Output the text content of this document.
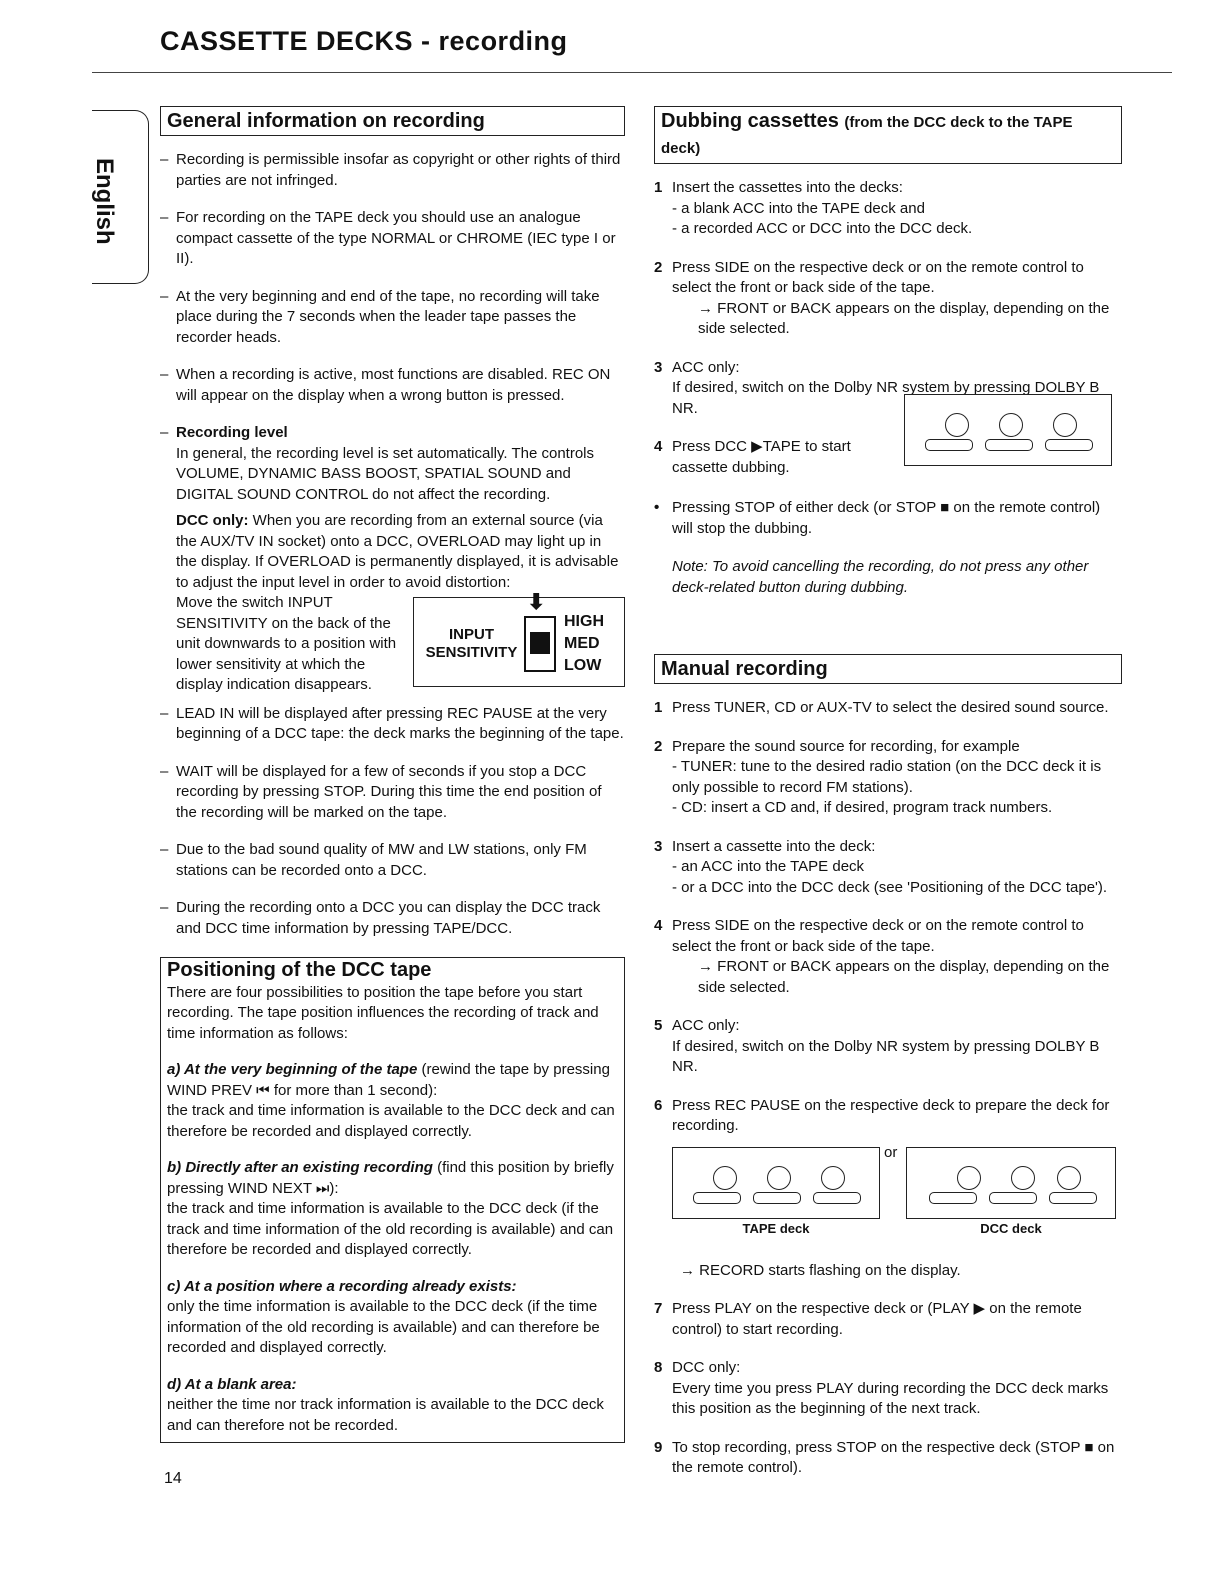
CASSETTE DECKS - recording
English
General information on recording
– Recording is permissible insofar as copyright or other rights of third parties are not infringed.
– For recording on the TAPE deck you should use an analogue compact cassette of the type NORMAL or CHROME (IEC type I or II).
– At the very beginning and end of the tape, no recording will take place during the 7 seconds when the leader tape passes the recorder heads.
– When a recording is active, most functions are disabled. REC ON will appear on the display when a wrong button is pressed.
– Recording level
In general, the recording level is set automatically. The controls VOLUME, DYNAMIC BASS BOOST, SPATIAL SOUND and DIGITAL SOUND CONTROL do not affect the recording.
DCC only: When you are recording from an external source (via the AUX/TV IN socket) onto a DCC, OVERLOAD may light up in the display. If OVERLOAD is permanently displayed, it is advisable to adjust the input level in order to avoid distortion:
INPUT SENSITIVITY
⬇
HIGH
MED
LOW
Move the switch INPUT SENSITIVITY on the back of the unit downwards to a position with lower sensitivity at which the display indication disappears.
– LEAD IN will be displayed after pressing REC PAUSE at the very beginning of a DCC tape: the deck marks the beginning of the tape.
– WAIT will be displayed for a few of seconds if you stop a DCC recording by pressing STOP. During this time the end position of the recording will be marked on the tape.
– Due to the bad sound quality of MW and LW stations, only FM stations can be recorded onto a DCC.
– During the recording onto a DCC you can display the DCC track and DCC time information by pressing TAPE/DCC.
Positioning of the DCC tape
There are four possibilities to position the tape before you start recording. The tape position influences the recording of track and time information as follows:
a) At the very beginning of the tape (rewind the tape by pressing WIND PREV ⏮ for more than 1 second):
the track and time information is available to the DCC deck and can therefore be recorded and displayed correctly.
b) Directly after an existing recording (find this position by briefly pressing WIND NEXT ⏭):
the track and time information is available to the DCC deck (if the track and time information of the old recording is available) and can therefore be recorded and displayed correctly.
c) At a position where a recording already exists:
only the time information is available to the DCC deck (if the time information of the old recording is available) and can therefore be recorded and displayed correctly.
d) At a blank area:
neither the time nor track information is available to the DCC deck and can therefore not be recorded.
14
Dubbing cassettes (from the DCC deck to the TAPE deck)
1 Insert the cassettes into the decks:
- a blank ACC into the TAPE deck and
- a recorded ACC or DCC into the DCC deck.
2 Press SIDE on the respective deck or on the remote control to select the front or back side of the tape.
→ FRONT or BACK appears on the display, depending on the side selected.
3 ACC only:
If desired, switch on the Dolby NR system by pressing DOLBY B NR.
4 Press DCC ▶TAPE to start cassette dubbing.
• Pressing STOP of either deck (or STOP ■ on the remote control) will stop the dubbing.
Note: To avoid cancelling the recording, do not press any other deck-related button during dubbing.
Manual recording
1 Press TUNER, CD or AUX-TV to select the desired sound source.
2 Prepare the sound source for recording, for example
- TUNER: tune to the desired radio station (on the DCC deck it is only possible to record FM stations).
- CD: insert a CD and, if desired, program track numbers.
3 Insert a cassette into the deck:
- an ACC into the TAPE deck
- or a DCC into the DCC deck (see 'Positioning of the DCC tape').
4 Press SIDE on the respective deck or on the remote control to select the front or back side of the tape.
→ FRONT or BACK appears on the display, depending on the side selected.
5 ACC only:
If desired, switch on the Dolby NR system by pressing DOLBY B NR.
6 Press REC PAUSE on the respective deck to prepare the deck for recording.
TAPE deck
or
DCC deck
→ RECORD starts flashing on the display.
7 Press PLAY on the respective deck or (PLAY ▶ on the remote control) to start recording.
8 DCC only:
Every time you press PLAY during recording the DCC deck marks this position as the beginning of the next track.
9 To stop recording, press STOP on the respective deck (STOP ■ on the remote control).
